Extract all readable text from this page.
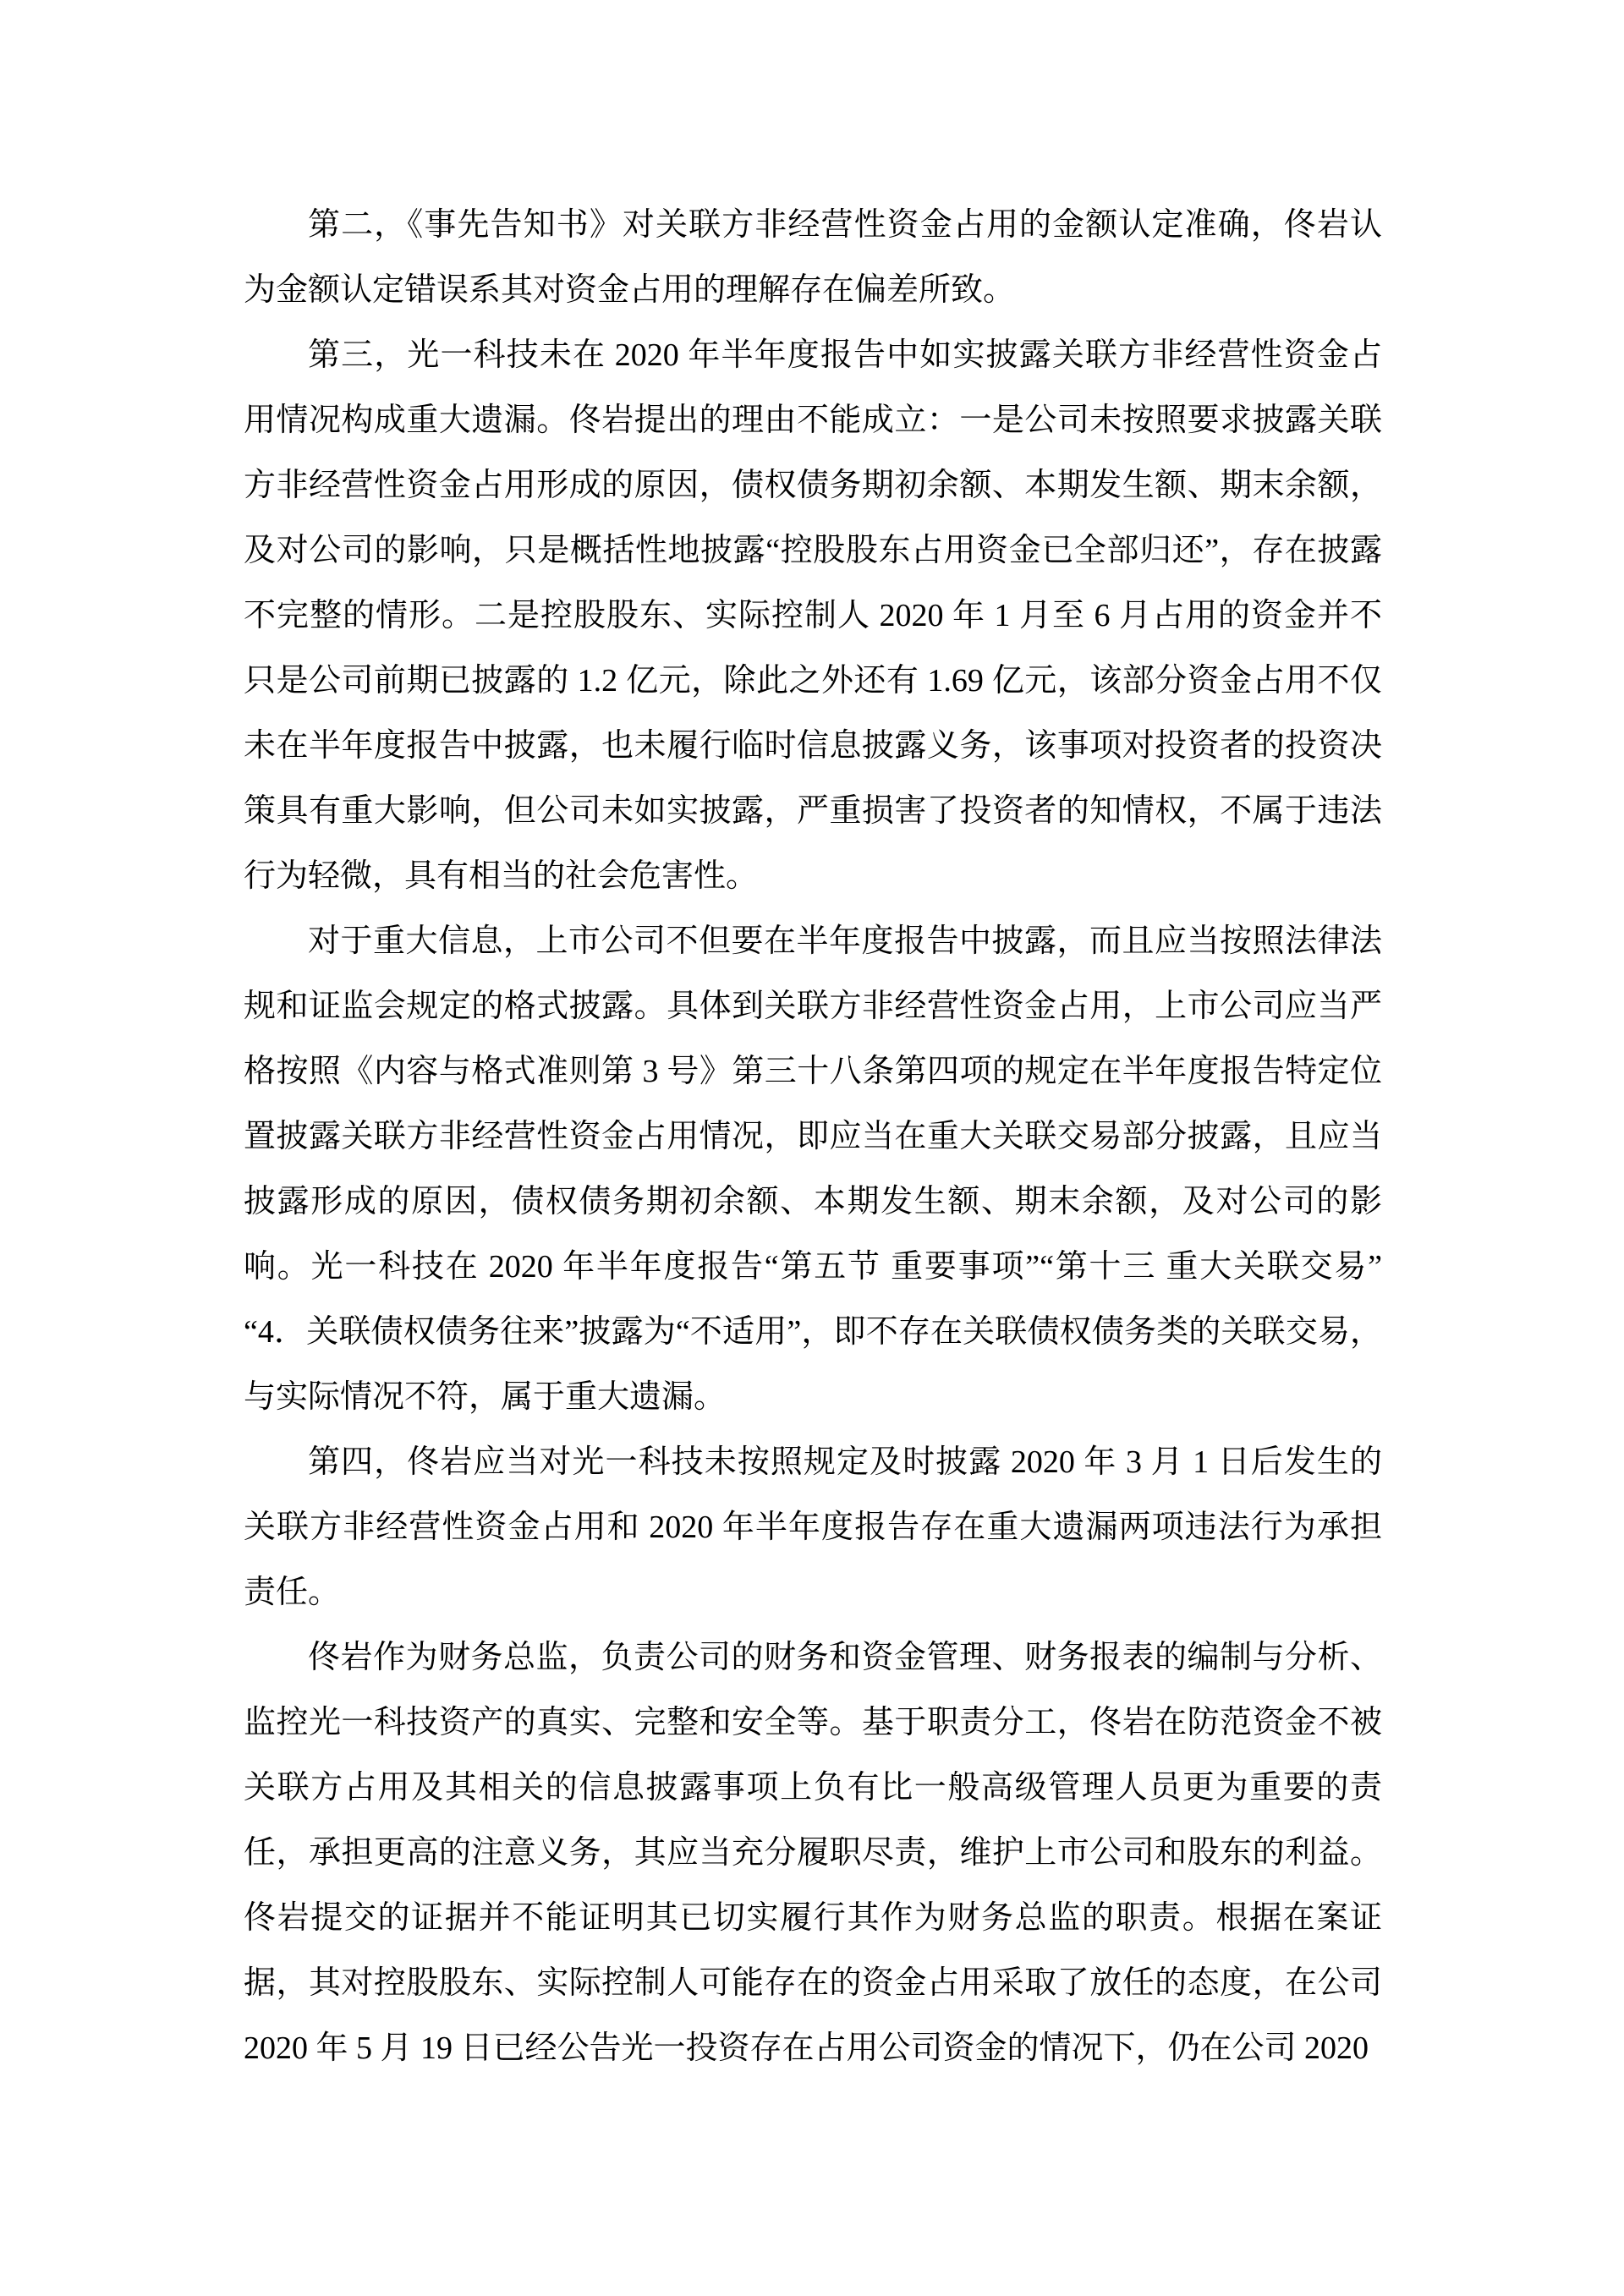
第二，《事先告知书》对关联方非经营性资金占用的金额认定准确，佟岩认为金额认定错误系其对资金占用的理解存在偏差所致。

第三，光一科技未在 2020 年半年度报告中如实披露关联方非经营性资金占用情况构成重大遗漏。佟岩提出的理由不能成立：一是公司未按照要求披露关联方非经营性资金占用形成的原因，债权债务期初余额、本期发生额、期末余额，及对公司的影响，只是概括性地披露“控股股东占用资金已全部归还”，存在披露不完整的情形。二是控股股东、实际控制人 2020 年 1 月至 6 月占用的资金并不只是公司前期已披露的 1.2 亿元，除此之外还有 1.69 亿元，该部分资金占用不仅未在半年度报告中披露，也未履行临时信息披露义务，该事项对投资者的投资决策具有重大影响，但公司未如实披露，严重损害了投资者的知情权，不属于违法行为轻微，具有相当的社会危害性。

对于重大信息，上市公司不但要在半年度报告中披露，而且应当按照法律法规和证监会规定的格式披露。具体到关联方非经营性资金占用，上市公司应当严格按照《内容与格式准则第 3 号》第三十八条第四项的规定在半年度报告特定位置披露关联方非经营性资金占用情况，即应当在重大关联交易部分披露，且应当披露形成的原因，债权债务期初余额、本期发生额、期末余额，及对公司的影响。光一科技在 2020 年半年度报告“第五节 重要事项”“第十三 重大关联交易”“4．关联债权债务往来”披露为“不适用”，即不存在关联债权债务类的关联交易，与实际情况不符，属于重大遗漏。

第四，佟岩应当对光一科技未按照规定及时披露 2020 年 3 月 1 日后发生的关联方非经营性资金占用和 2020 年半年度报告存在重大遗漏两项违法行为承担责任。

佟岩作为财务总监，负责公司的财务和资金管理、财务报表的编制与分析、监控光一科技资产的真实、完整和安全等。基于职责分工，佟岩在防范资金不被关联方占用及其相关的信息披露事项上负有比一般高级管理人员更为重要的责任，承担更高的注意义务，其应当充分履职尽责，维护上市公司和股东的利益。佟岩提交的证据并不能证明其已切实履行其作为财务总监的职责。根据在案证据，其对控股股东、实际控制人可能存在的资金占用采取了放任的态度，在公司 2020 年 5 月 19 日已经公告光一投资存在占用公司资金的情况下，仍在公司 2020
